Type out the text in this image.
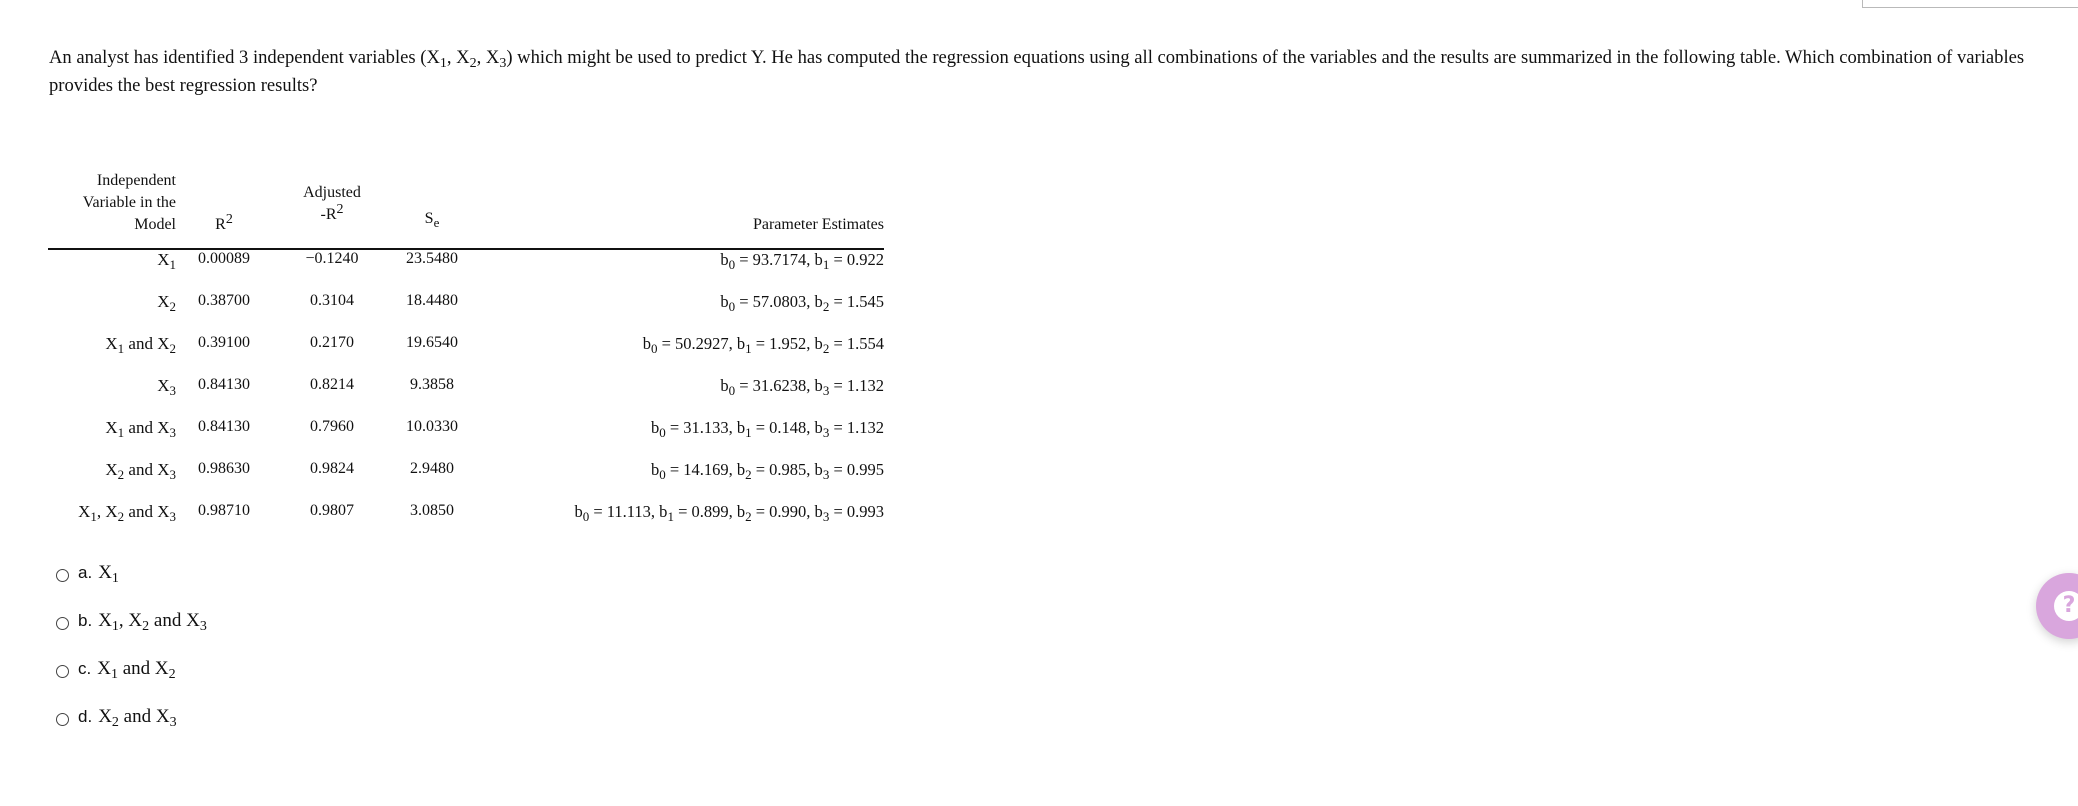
An analyst has identified 3 independent variables ($X_1$, $X_2$, $X_3$) which might be used to predict Y. He has computed the regression equations using all combinations of the variables and the results are summarized in the following table. Which combination of variables provides the best regression results?
Independent
Variable in the
Model	$R^2$	Adjusted
$-R^2$	$S_e$	Parameter Estimates
$X_1$	0.00089	−0.1240	23.5480	$b_0 = 93.7174$, $b_1 = 0.922$
$X_2$	0.38700	0.3104	18.4480	$b_0 = 57.0803$, $b_2 = 1.545$
$X_1$ and $X_2$	0.39100	0.2170	19.6540	$b_0 = 50.2927$, $b_1 = 1.952$, $b_2 = 1.554$
$X_3$	0.84130	0.8214	9.3858	$b_0 = 31.6238$, $b_3 = 1.132$
$X_1$ and $X_3$	0.84130	0.7960	10.0330	$b_0 = 31.133$, $b_1 = 0.148$, $b_3 = 1.132$
$X_2$ and $X_3$	0.98630	0.9824	2.9480	$b_0 = 14.169$, $b_2 = 0.985$, $b_3 = 0.995$
$X_1$, $X_2$ and $X_3$	0.98710	0.9807	3.0850	$b_0 = 11.113$, $b_1 = 0.899$, $b_2 = 0.990$, $b_3 = 0.993$
a. $X_1$
b. $X_1$, $X_2$ and $X_3$
c. $X_1$ and $X_2$
d. $X_2$ and $X_3$
?
